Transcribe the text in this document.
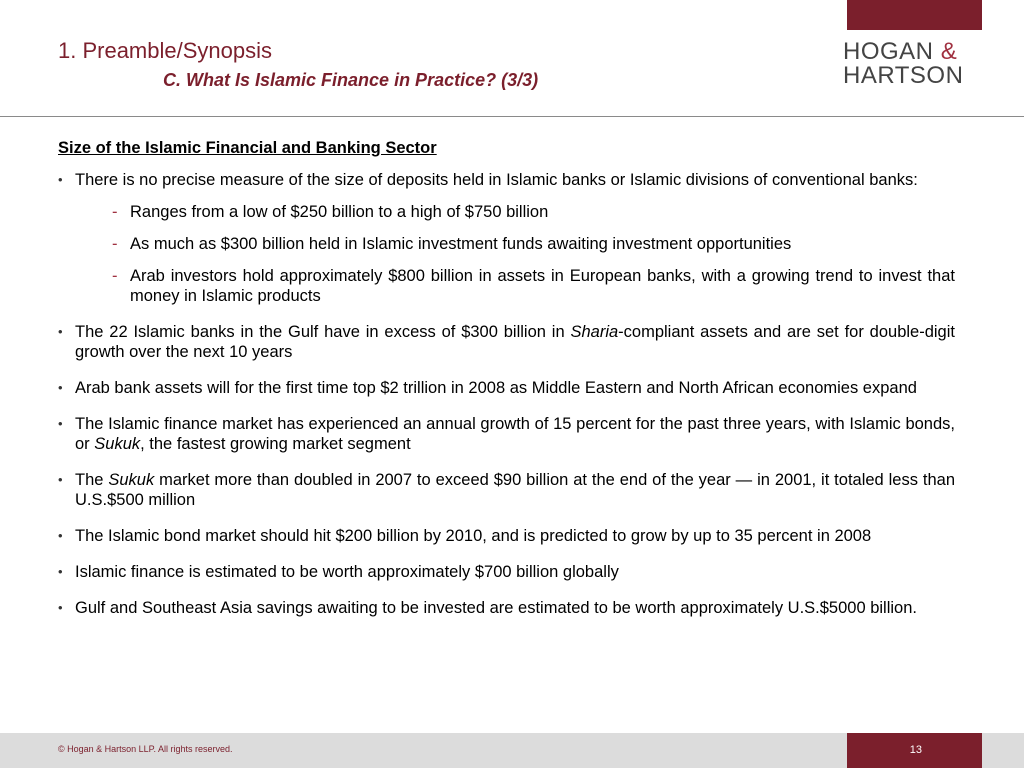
1. Preamble/Synopsis
C. What Is Islamic Finance in Practice? (3/3)
HOGAN &
HARTSON

Size of the Islamic Financial and Banking Sector

• There is no precise measure of the size of deposits held in Islamic banks or Islamic divisions of conventional banks:

- Ranges from a low of $250 billion to a high of $750 billion

- As much as $300 billion held in Islamic investment funds awaiting investment opportunities

- Arab investors hold approximately $800 billion in assets in European banks, with a growing trend to invest that money in Islamic products

• The 22 Islamic banks in the Gulf have in excess of $300 billion in Sharia-compliant assets and are set for double-digit growth over the next 10 years

• Arab bank assets will for the first time top $2 trillion in 2008 as Middle Eastern and North African economies expand

• The Islamic finance market has experienced an annual growth of 15 percent for the past three years, with Islamic bonds, or Sukuk, the fastest growing market segment

• The Sukuk market more than doubled in 2007 to exceed $90 billion at the end of the year — in 2001, it totaled less than U.S.$500 million

• The Islamic bond market should hit $200 billion by 2010, and is predicted to grow by up to 35 percent in 2008

• Islamic finance is estimated to be worth approximately $700 billion globally

• Gulf and Southeast Asia savings awaiting to be invested are estimated to be worth approximately U.S.$5000 billion.

© Hogan & Hartson LLP. All rights reserved.	13
